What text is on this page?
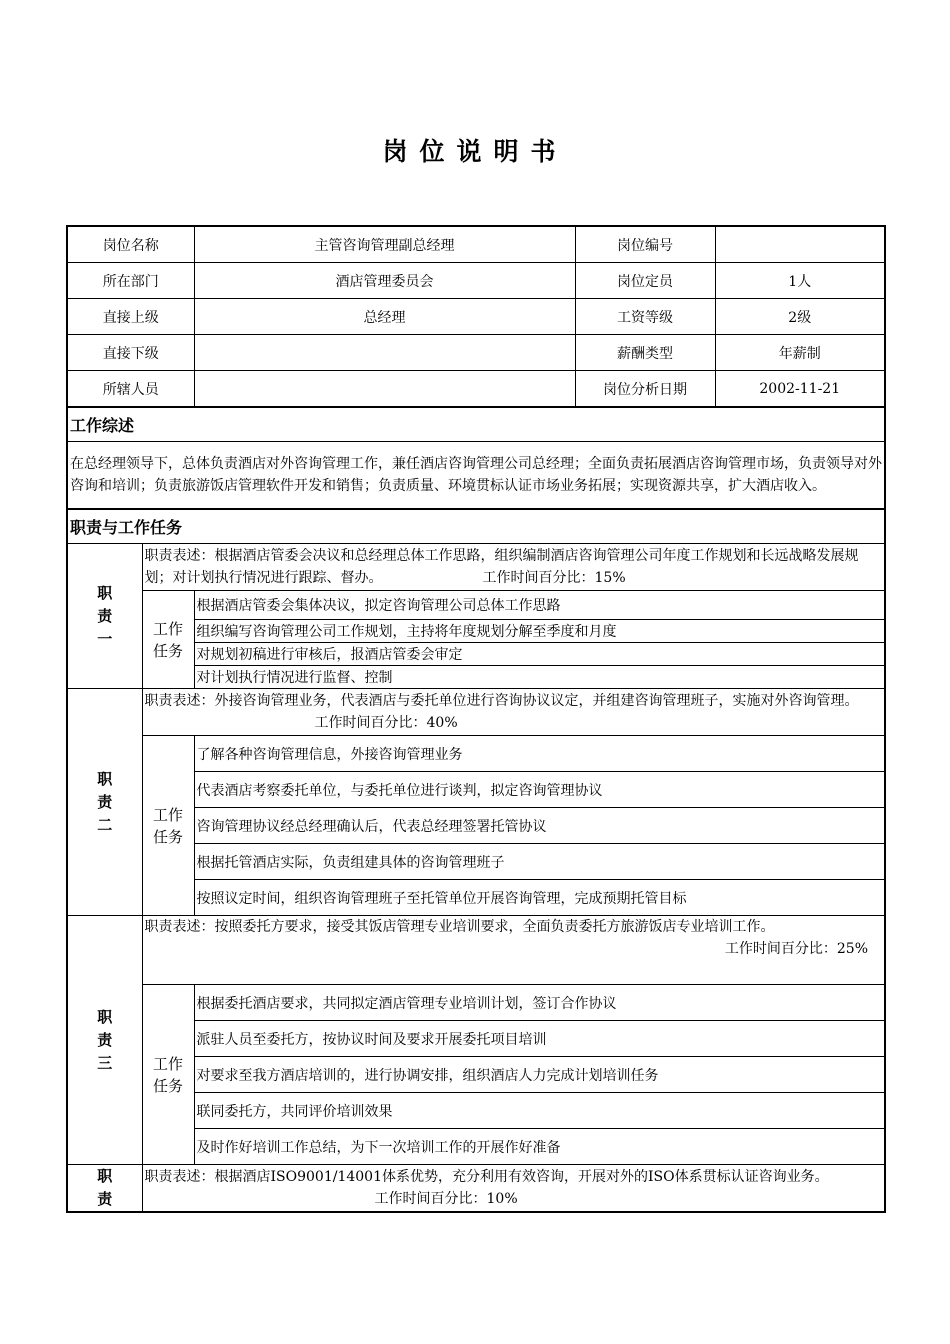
岗位说明书
岗位名称		主管咨询管理副总经理	岗位编号	
所在部门		酒店管理委员会	岗位定员	1人
直接上级		总经理	工资等级	2级
直接下级			薪酬类型	年薪制
所辖人员			岗位分析日期	2002-11-21
工作综述				
在总经理领导下，总体负责酒店对外咨询管理工作，兼任酒店咨询管理公司总经理；全面负责拓展酒店咨询管理市场，负责领导对外咨询和培训；负责旅游饭店管理软件开发和销售；负责质量、环境贯标认证市场业务拓展；实现资源共享，扩大酒店收入。				
职责与工作任务				
职责一	职责表述：根据酒店管委会决议和总经理总体工作思路，组织编制酒店咨询管理公司年度工作规划和长远战略发展规划；对计划执行情况进行跟踪、督办。 工作时间百分比：15%			
	工作任务	根据酒店管委会集体决议，拟定咨询管理公司总体工作思路		
		组织编写咨询管理公司工作规划，主持将年度规划分解至季度和月度		
		对规划初稿进行审核后，报酒店管委会审定		
		对计划执行情况进行监督、控制		
职责二	职责表述：外接咨询管理业务，代表酒店与委托单位进行咨询协议议定，并组建咨询管理班子，实施对外咨询管理。工作时间百分比：40%			
	工作任务	了解各种咨询管理信息，外接咨询管理业务		
		代表酒店考察委托单位，与委托单位进行谈判，拟定咨询管理协议		
		咨询管理协议经总经理确认后，代表总经理签署托管协议		
		根据托管酒店实际，负责组建具体的咨询管理班子		
		按照议定时间，组织咨询管理班子至托管单位开展咨询管理，完成预期托管目标		
职责三	职责表述：按照委托方要求，接受其饭店管理专业培训要求，全面负责委托方旅游饭店专业培训工作。
工作时间百分比：25%			

	工作任务	根据委托酒店要求，共同拟定酒店管理专业培训计划，签订合作协议		
		派驻人员至委托方，按协议时间及要求开展委托项目培训		
		对要求至我方酒店培训的，进行协调安排，组织酒店人力完成计划培训任务		
		联同委托方，共同评价培训效果		
		及时作好培训工作总结，为下一次培训工作的开展作好准备		
职责	职责表述：根据酒店ISO9001/14001体系优势，充分利用有效咨询，开展对外的ISO体系贯标认证咨询业务。工作时间百分比：10%			
